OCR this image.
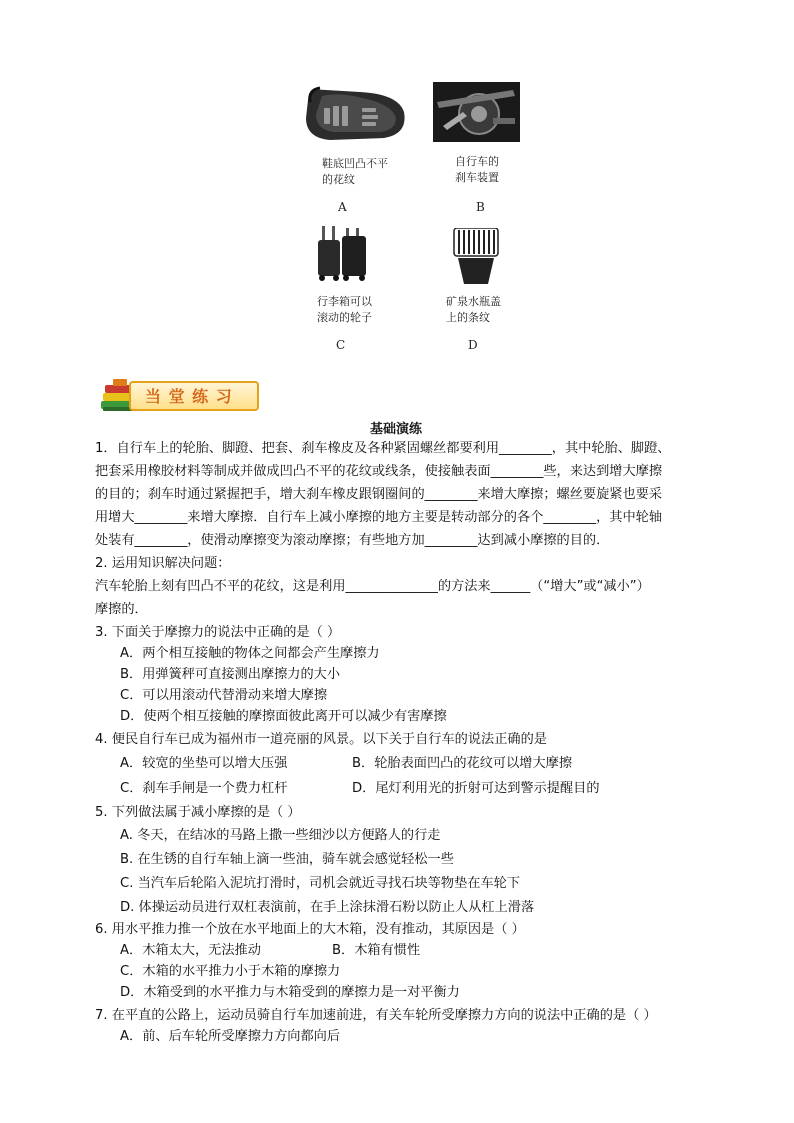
鞋底凹凸不平
的花纹
A
自行车的
刹车装置
B
行李箱可以
滚动的轮子
C
矿泉水瓶盖
上的条纹
D
当 堂 练 习
基础演练
1．自行车上的轮胎、脚蹬、把套、刹车橡皮及各种紧固螺丝都要利用________，其中轮胎、脚蹬、
把套采用橡胶材料等制成并做成凹凸不平的花纹或线条，使接触表面________些，来达到增大摩擦
的目的；刹车时通过紧握把手，增大刹车橡皮跟钢圈间的________来增大摩擦；螺丝要旋紧也要采
用增大________来增大摩擦．自行车上减小摩擦的地方主要是转动部分的各个________，其中轮轴
处装有________，使滑动摩擦变为滚动摩擦；有些地方加________达到减小摩擦的目的．
2. 运用知识解决问题：
汽车轮胎上刻有凹凸不平的花纹，这是利用______________的方法来______（“增大”或“减小”）
摩擦的．
3. 下面关于摩擦力的说法中正确的是（ ）
A．两个相互接触的物体之间都会产生摩擦力
B．用弹簧秤可直接测出摩擦力的大小
C．可以用滚动代替滑动来增大摩擦
D．使两个相互接触的摩擦面彼此离开可以减少有害摩擦
4. 便民自行车已成为福州市一道亮丽的风景。以下关于自行车的说法正确的是
A．较宽的坐垫可以增大压强	B．轮胎表面凹凸的花纹可以增大摩擦
C．刹车手闸是一个费力杠杆	D．尾灯利用光的折射可达到警示提醒目的
5. 下列做法属于减小摩擦的是（ ）
A. 冬天，在结冰的马路上撒一些细沙以方便路人的行走
B. 在生锈的自行车轴上滴一些油，骑车就会感觉轻松一些
C. 当汽车后轮陷入泥坑打滑时，司机会就近寻找石块等物垫在车轮下
D. 体操运动员进行双杠表演前，在手上涂抹滑石粉以防止人从杠上滑落
6. 用水平推力推一个放在水平地面上的大木箱，没有推动，其原因是（ ）
A．木箱太大，无法推动	B．木箱有惯性
C．木箱的水平推力小于木箱的摩擦力
D．木箱受到的水平推力与木箱受到的摩擦力是一对平衡力
7. 在平直的公路上，运动员骑自行车加速前进，有关车轮所受摩擦力方向的说法中正确的是（ ）
A．前、后车轮所受摩擦力方向都向后
